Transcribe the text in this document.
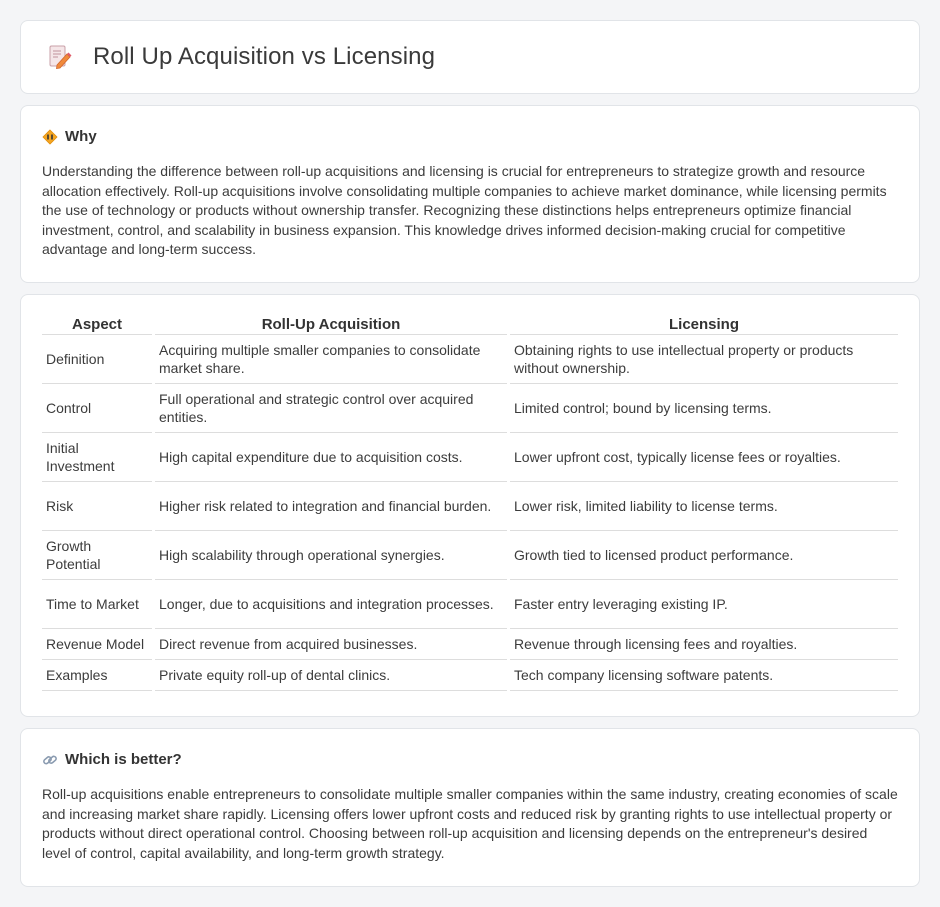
Roll Up Acquisition vs Licensing
Why
Understanding the difference between roll-up acquisitions and licensing is crucial for entrepreneurs to strategize growth and resource allocation effectively. Roll-up acquisitions involve consolidating multiple companies to achieve market dominance, while licensing permits the use of technology or products without ownership transfer. Recognizing these distinctions helps entrepreneurs optimize financial investment, control, and scalability in business expansion. This knowledge drives informed decision-making crucial for competitive advantage and long-term success.
Aspect	Roll-Up Acquisition	Licensing
Definition	Acquiring multiple smaller companies to consolidate market share.	Obtaining rights to use intellectual property or products without ownership.
Control	Full operational and strategic control over acquired entities.	Limited control; bound by licensing terms.
Initial Investment	High capital expenditure due to acquisition costs.	Lower upfront cost, typically license fees or royalties.
Risk	Higher risk related to integration and financial burden.	Lower risk, limited liability to license terms.
Growth Potential	High scalability through operational synergies.	Growth tied to licensed product performance.
Time to Market	Longer, due to acquisitions and integration processes.	Faster entry leveraging existing IP.
Revenue Model	Direct revenue from acquired businesses.	Revenue through licensing fees and royalties.
Examples	Private equity roll-up of dental clinics.	Tech company licensing software patents.
Which is better?
Roll-up acquisitions enable entrepreneurs to consolidate multiple smaller companies within the same industry, creating economies of scale and increasing market share rapidly. Licensing offers lower upfront costs and reduced risk by granting rights to use intellectual property or products without direct operational control. Choosing between roll-up acquisition and licensing depends on the entrepreneur's desired level of control, capital availability, and long-term growth strategy.
